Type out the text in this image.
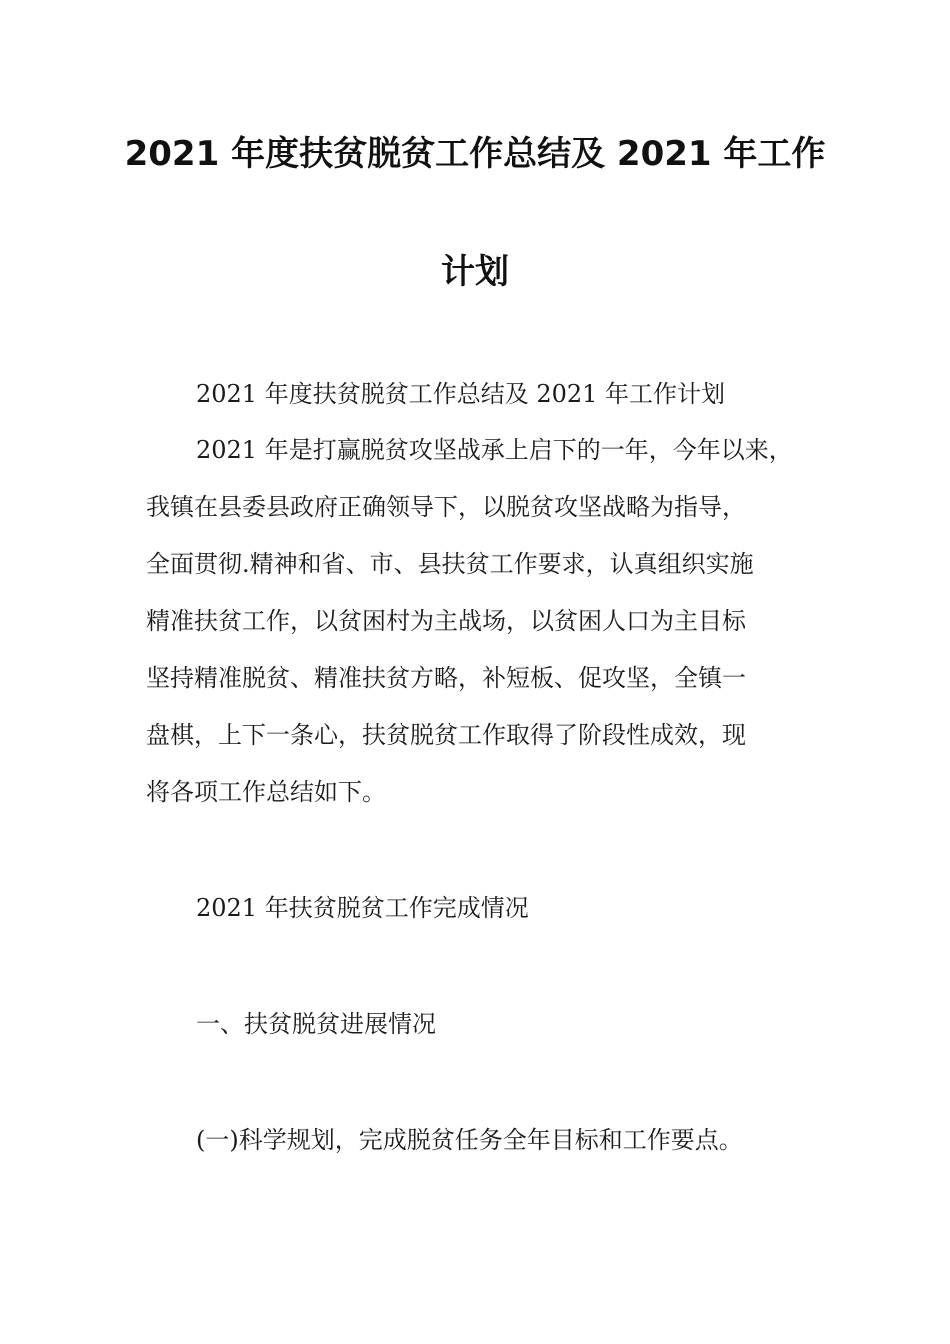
2021 年度扶贫脱贫工作总结及 2021 年工作
计划
2021 年度扶贫脱贫工作总结及 2021 年工作计划
2021 年是打赢脱贫攻坚战承上启下的一年，今年以来，
我镇在县委县政府正确领导下，以脱贫攻坚战略为指导，
全面贯彻.精神和省、市、县扶贫工作要求，认真组织实施
精准扶贫工作，以贫困村为主战场，以贫困人口为主目标
坚持精准脱贫、精准扶贫方略，补短板、促攻坚，全镇一
盘棋，上下一条心，扶贫脱贫工作取得了阶段性成效，现
将各项工作总结如下。
2021 年扶贫脱贫工作完成情况
一、扶贫脱贫进展情况
(一)科学规划，完成脱贫任务全年目标和工作要点。
